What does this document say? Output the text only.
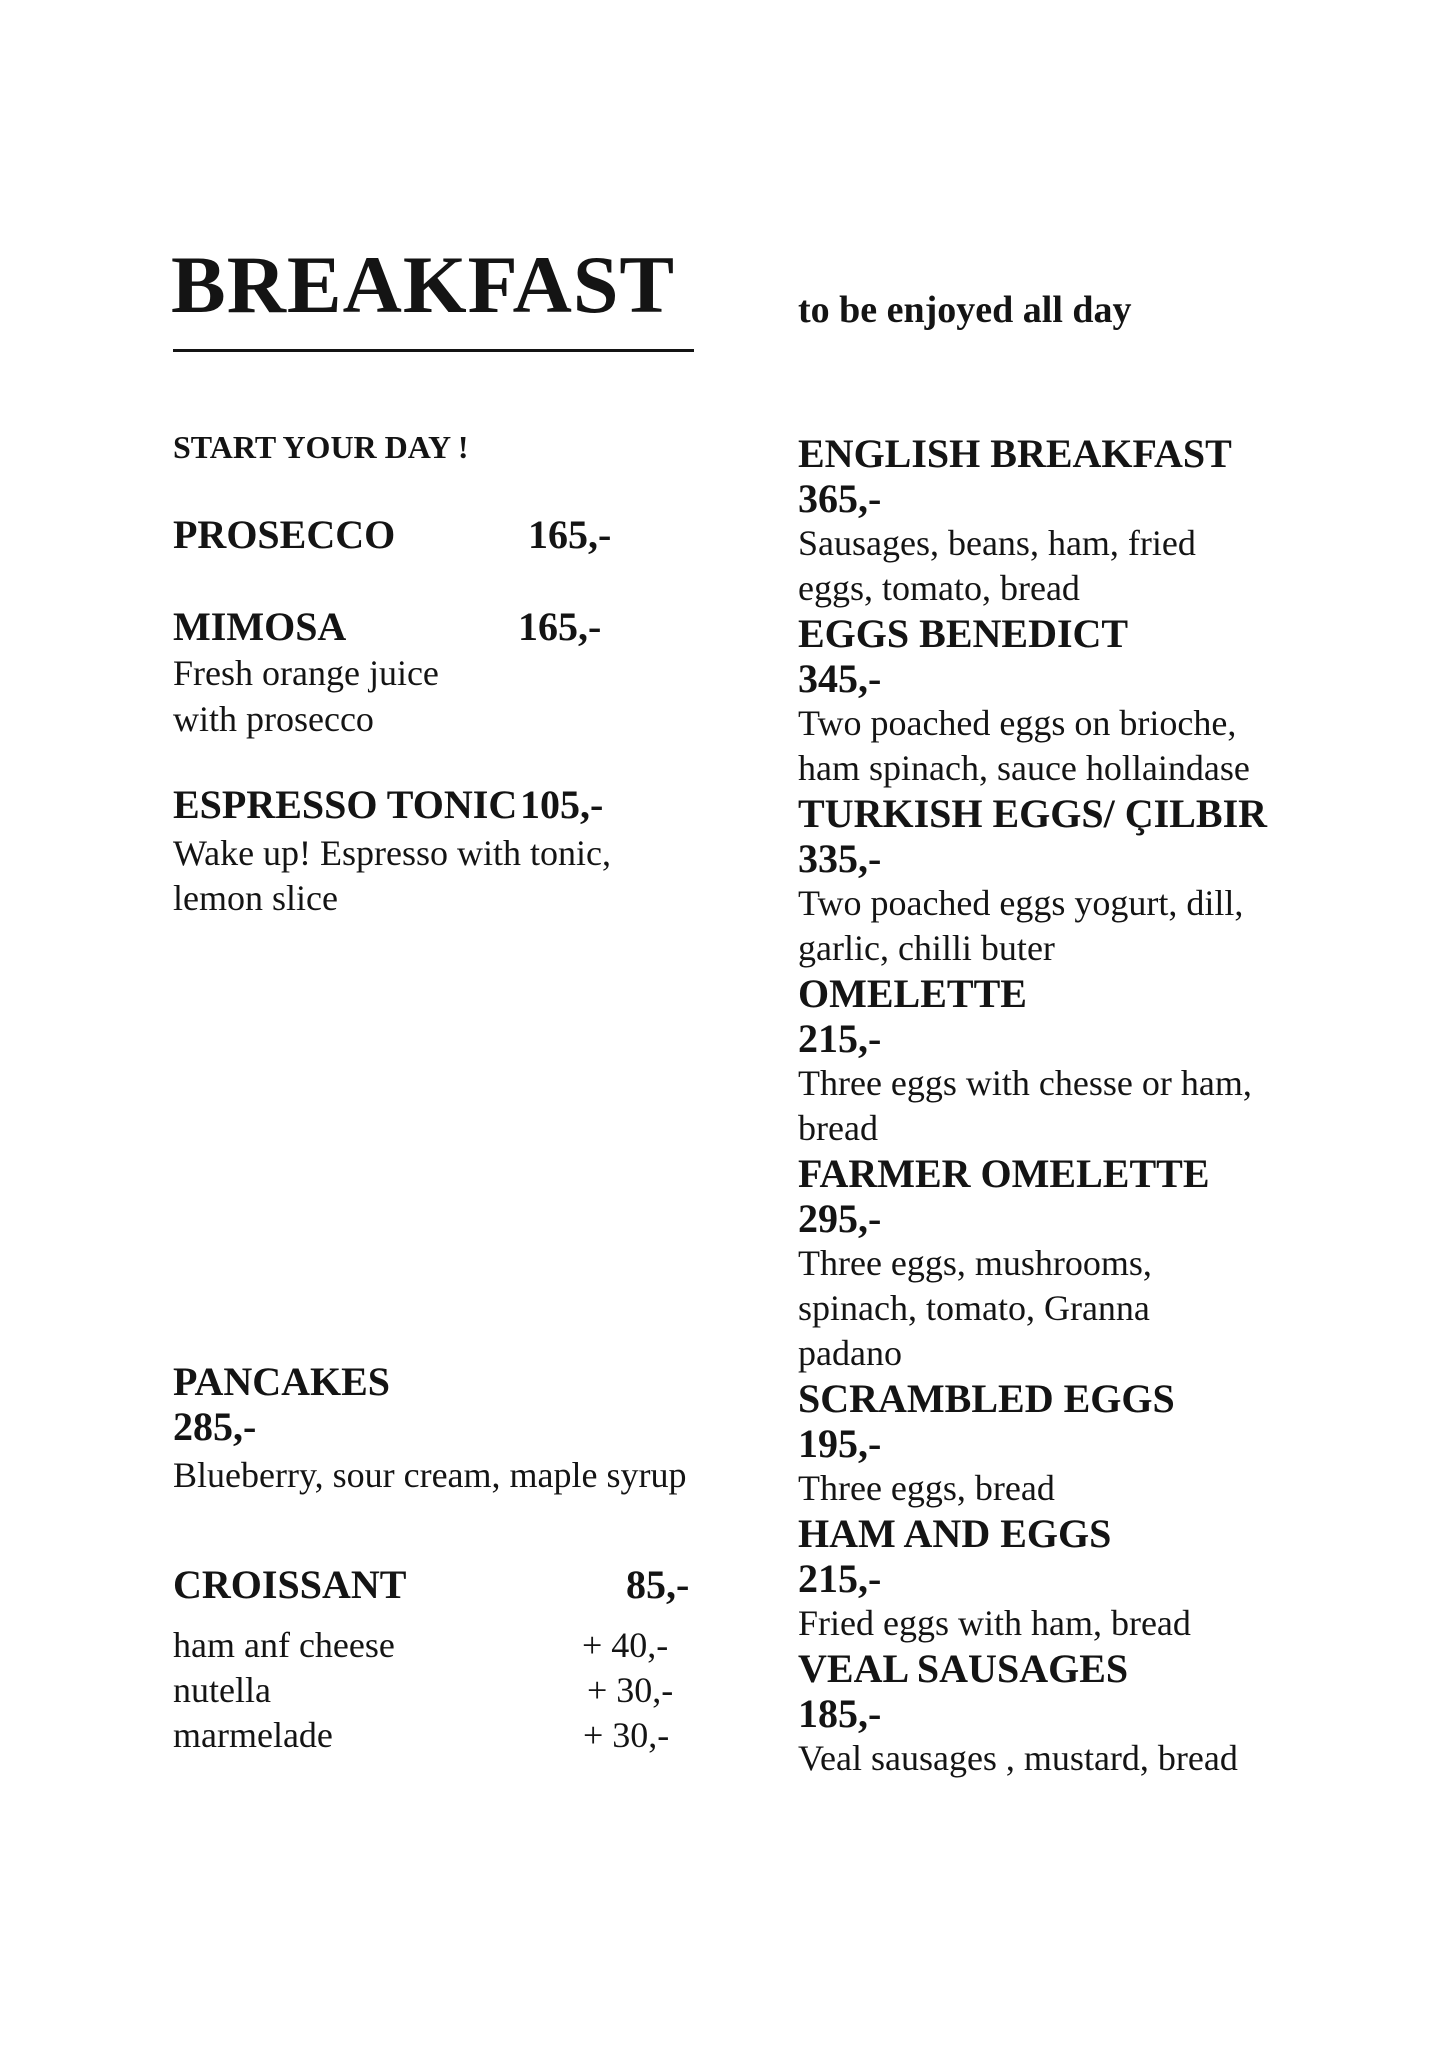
BREAKFAST	to be enjoyed all day
START YOUR DAY !
PROSECCO	165,-
MIMOSA	165,-
Fresh orange juice
with prosecco
ESPRESSO TONIC 105,-
Wake up! Espresso with tonic,
lemon slice
PANCAKES
285,-
Blueberry, sour cream, maple syrup
CROISSANT	85,-
ham anf cheese	+ 40,-
nutella	+ 30,-
marmelade	+ 30,-
ENGLISH BREAKFAST
365,-
Sausages, beans, ham, fried
eggs, tomato, bread
EGGS BENEDICT
345,-
Two poached eggs on brioche,
ham spinach, sauce hollaindase
TURKISH EGGS/ ÇILBIR
335,-
Two poached eggs yogurt, dill,
garlic, chilli buter
OMELETTE
215,-
Three eggs with chesse or ham,
bread
FARMER OMELETTE
295,-
Three eggs, mushrooms,
spinach, tomato, Granna
padano
SCRAMBLED EGGS
195,-
Three eggs, bread
HAM AND EGGS
215,-
Fried eggs with ham, bread
VEAL SAUSAGES
185,-
Veal sausages , mustard, bread
